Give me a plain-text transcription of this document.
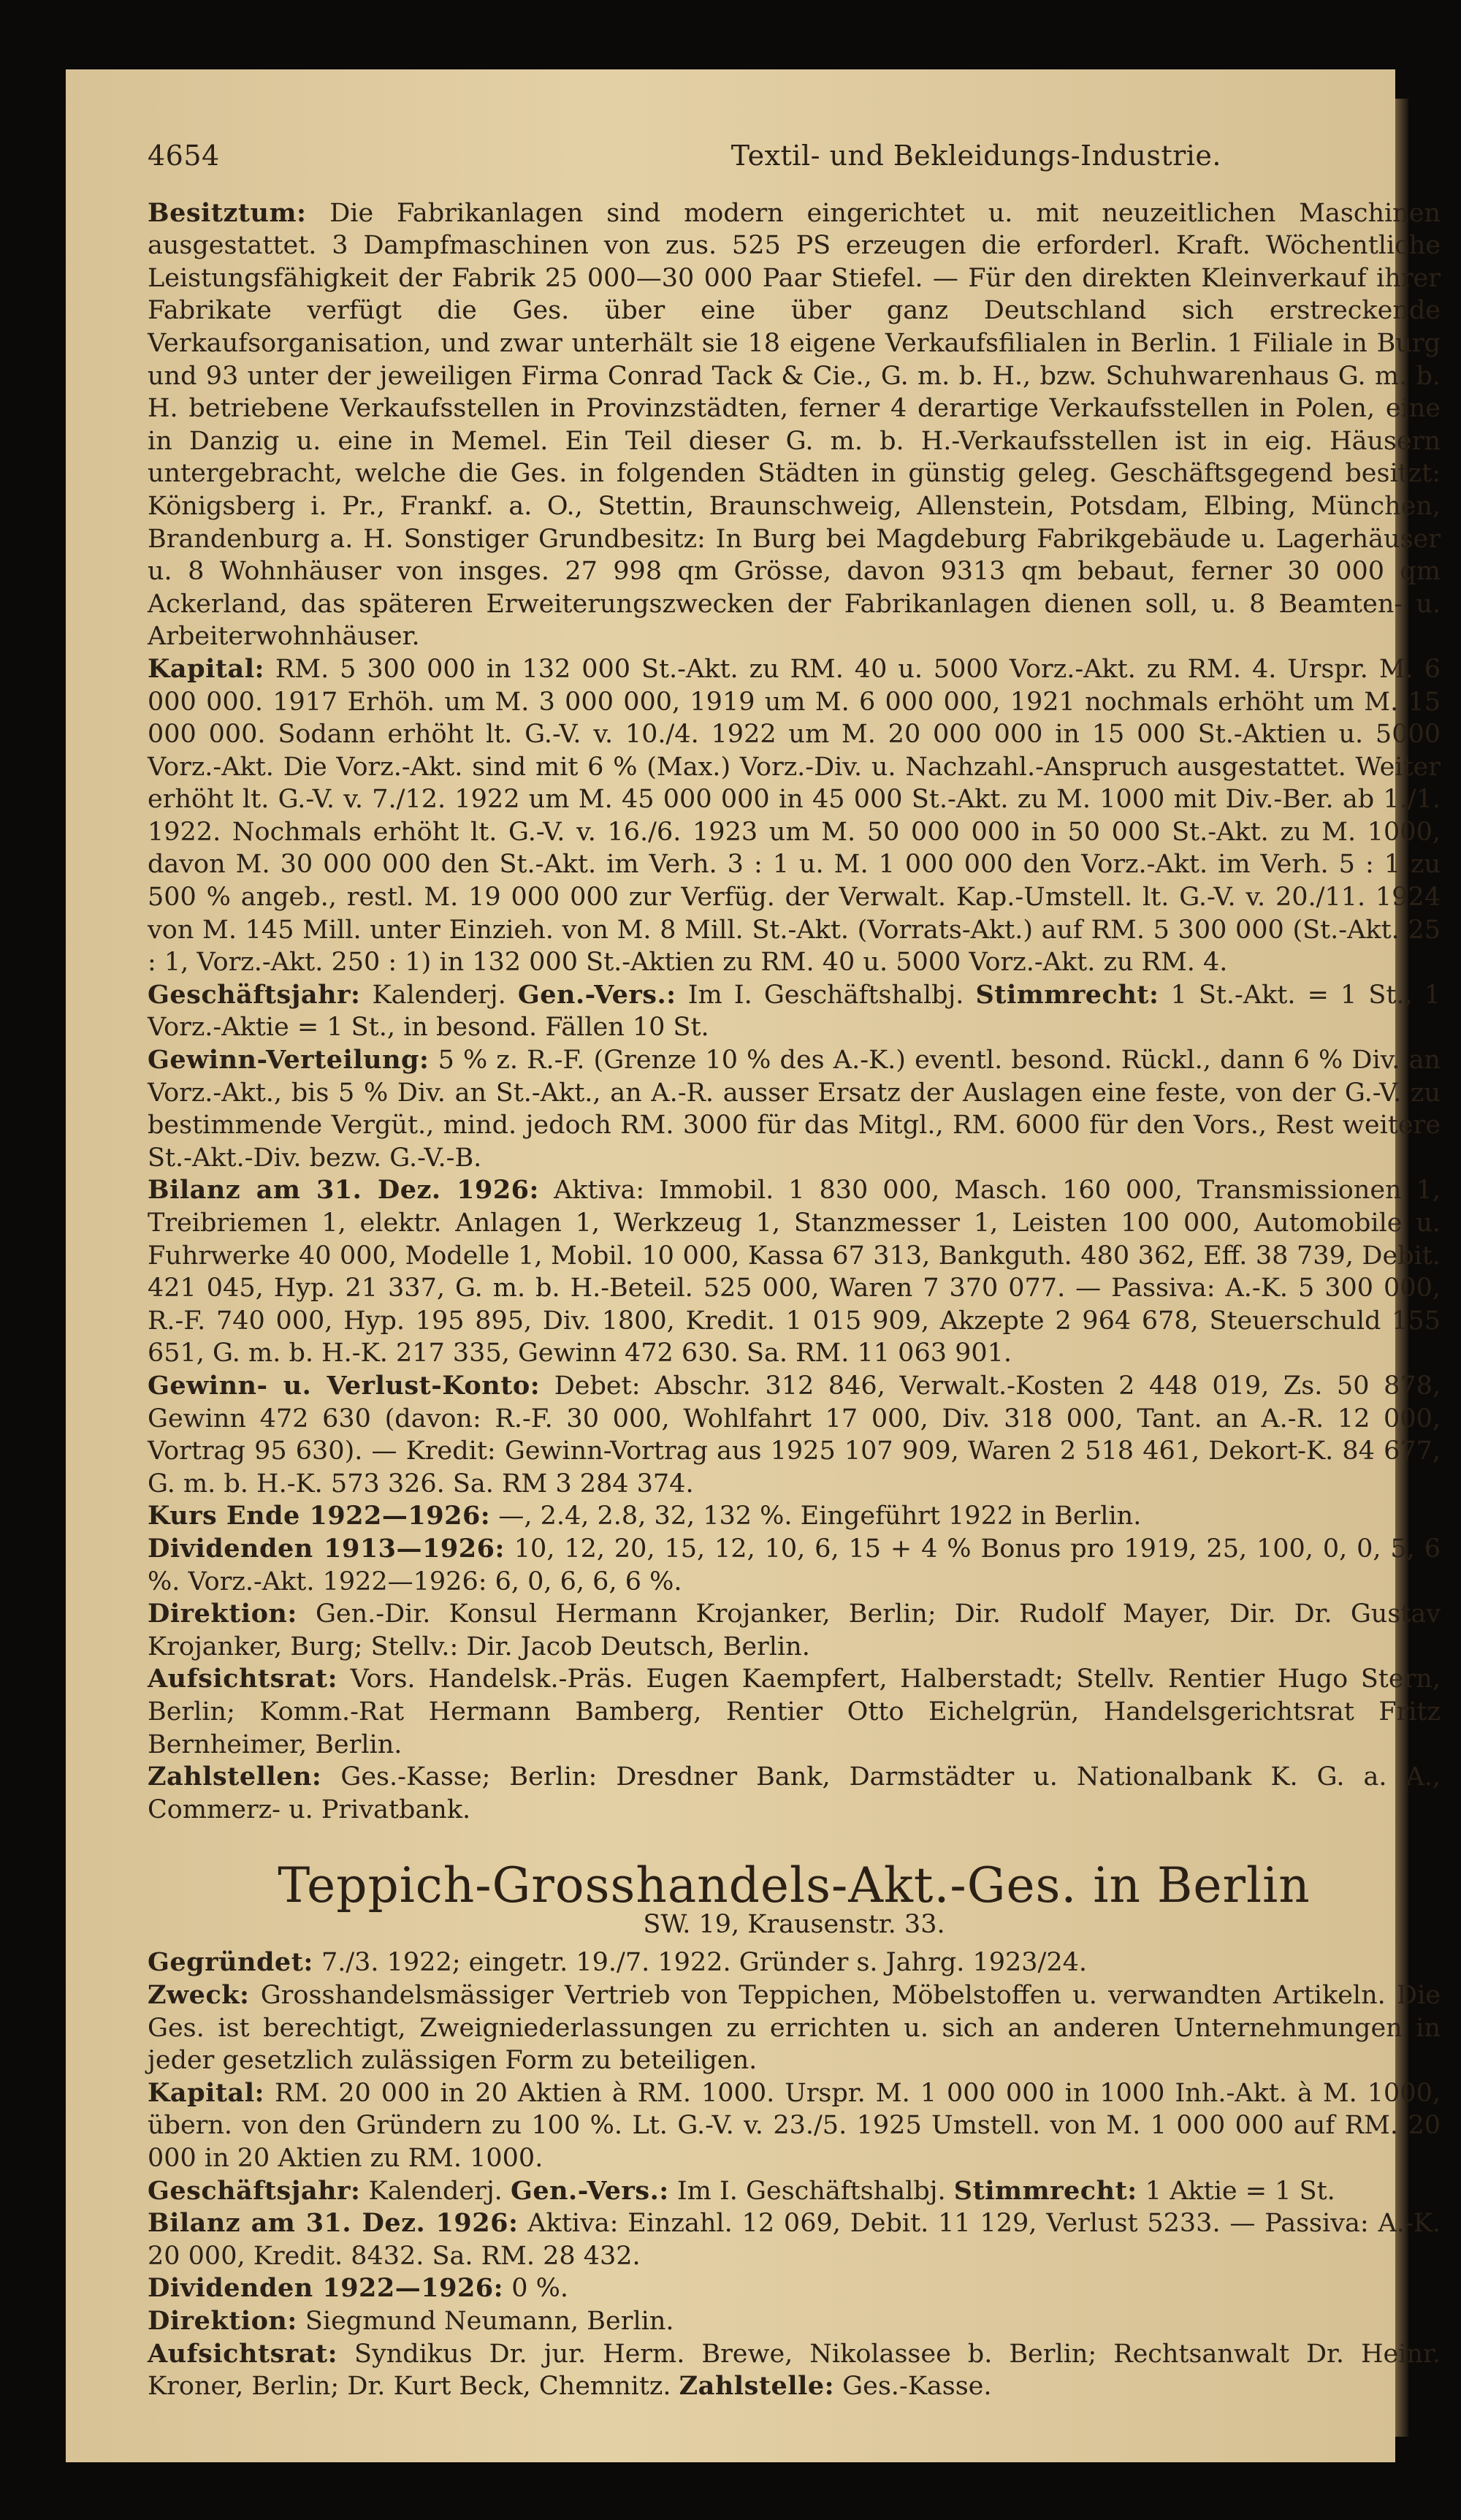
4654	Textil- und Bekleidungs-Industrie.

Besitztum: Die Fabrikanlagen sind modern eingerichtet u. mit neuzeitlichen Maschinen ausgestattet. 3 Dampfmaschinen von zus. 525 PS erzeugen die erforderl. Kraft. Wöchentliche Leistungsfähigkeit der Fabrik 25 000—30 000 Paar Stiefel. — Für den direkten Kleinverkauf ihrer Fabrikate verfügt die Ges. über eine über ganz Deutschland sich erstreckende Verkaufsorganisation, und zwar unterhält sie 18 eigene Verkaufsfilialen in Berlin. 1 Filiale in Burg und 93 unter der jeweiligen Firma Conrad Tack & Cie., G. m. b. H., bzw. Schuhwarenhaus G. m. b. H. betriebene Verkaufsstellen in Provinzstädten, ferner 4 derartige Verkaufsstellen in Polen, eine in Danzig u. eine in Memel. Ein Teil dieser G. m. b. H.-Verkaufsstellen ist in eig. Häusern untergebracht, welche die Ges. in folgenden Städten in günstig geleg. Geschäftsgegend besitzt: Königsberg i. Pr., Frankf. a. O., Stettin, Braunschweig, Allenstein, Potsdam, Elbing, München, Brandenburg a. H. Sonstiger Grundbesitz: In Burg bei Magdeburg Fabrikgebäude u. Lagerhäuser u. 8 Wohnhäuser von insges. 27 998 qm Grösse, davon 9313 qm bebaut, ferner 30 000 qm Ackerland, das späteren Erweiterungszwecken der Fabrikanlagen dienen soll, u. 8 Beamten- u. Arbeiterwohnhäuser.

Kapital: RM. 5 300 000 in 132 000 St.-Akt. zu RM. 40 u. 5000 Vorz.-Akt. zu RM. 4. Urspr. M. 6 000 000. 1917 Erhöh. um M. 3 000 000, 1919 um M. 6 000 000, 1921 nochmals erhöht um M. 15 000 000. Sodann erhöht lt. G.-V. v. 10./4. 1922 um M. 20 000 000 in 15 000 St.-Aktien u. 5000 Vorz.-Akt. Die Vorz.-Akt. sind mit 6 % (Max.) Vorz.-Div. u. Nachzahl.-Anspruch ausgestattet. Weiter erhöht lt. G.-V. v. 7./12. 1922 um M. 45 000 000 in 45 000 St.-Akt. zu M. 1000 mit Div.-Ber. ab 1./1. 1922. Nochmals erhöht lt. G.-V. v. 16./6. 1923 um M. 50 000 000 in 50 000 St.-Akt. zu M. 1000, davon M. 30 000 000 den St.-Akt. im Verh. 3 : 1 u. M. 1 000 000 den Vorz.-Akt. im Verh. 5 : 1 zu 500 % angeb., restl. M. 19 000 000 zur Verfüg. der Verwalt. Kap.-Umstell. lt. G.-V. v. 20./11. 1924 von M. 145 Mill. unter Einzieh. von M. 8 Mill. St.-Akt. (Vorrats-Akt.) auf RM. 5 300 000 (St.-Akt. 25 : 1, Vorz.-Akt. 250 : 1) in 132 000 St.-Aktien zu RM. 40 u. 5000 Vorz.-Akt. zu RM. 4.

Geschäftsjahr: Kalenderj. Gen.-Vers.: Im I. Geschäftshalbj. Stimmrecht: 1 St.-Akt. = 1 St., 1 Vorz.-Aktie = 1 St., in besond. Fällen 10 St.

Gewinn-Verteilung: 5 % z. R.-F. (Grenze 10 % des A.-K.) eventl. besond. Rückl., dann 6 % Div. an Vorz.-Akt., bis 5 % Div. an St.-Akt., an A.-R. ausser Ersatz der Auslagen eine feste, von der G.-V. zu bestimmende Vergüt., mind. jedoch RM. 3000 für das Mitgl., RM. 6000 für den Vors., Rest weitere St.-Akt.-Div. bezw. G.-V.-B.

Bilanz am 31. Dez. 1926: Aktiva: Immobil. 1 830 000, Masch. 160 000, Transmissionen 1, Treibriemen 1, elektr. Anlagen 1, Werkzeug 1, Stanzmesser 1, Leisten 100 000, Automobile u. Fuhrwerke 40 000, Modelle 1, Mobil. 10 000, Kassa 67 313, Bankguth. 480 362, Eff. 38 739, Debit. 421 045, Hyp. 21 337, G. m. b. H.-Beteil. 525 000, Waren 7 370 077. — Passiva: A.-K. 5 300 000, R.-F. 740 000, Hyp. 195 895, Div. 1800, Kredit. 1 015 909, Akzepte 2 964 678, Steuerschuld 155 651, G. m. b. H.-K. 217 335, Gewinn 472 630. Sa. RM. 11 063 901.

Gewinn- u. Verlust-Konto: Debet: Abschr. 312 846, Verwalt.-Kosten 2 448 019, Zs. 50 878, Gewinn 472 630 (davon: R.-F. 30 000, Wohlfahrt 17 000, Div. 318 000, Tant. an A.-R. 12 000, Vortrag 95 630). — Kredit: Gewinn-Vortrag aus 1925 107 909, Waren 2 518 461, Dekort-K. 84 677, G. m. b. H.-K. 573 326. Sa. RM 3 284 374.

Kurs Ende 1922—1926: —, 2.4, 2.8, 32, 132 %. Eingeführt 1922 in Berlin.

Dividenden 1913—1926: 10, 12, 20, 15, 12, 10, 6, 15 + 4 % Bonus pro 1919, 25, 100, 0, 0, 5, 6 %. Vorz.-Akt. 1922—1926: 6, 0, 6, 6, 6 %.

Direktion: Gen.-Dir. Konsul Hermann Krojanker, Berlin; Dir. Rudolf Mayer, Dir. Dr. Gustav Krojanker, Burg; Stellv.: Dir. Jacob Deutsch, Berlin.

Aufsichtsrat: Vors. Handelsk.-Präs. Eugen Kaempfert, Halberstadt; Stellv. Rentier Hugo Stern, Berlin; Komm.-Rat Hermann Bamberg, Rentier Otto Eichelgrün, Handelsgerichtsrat Fritz Bernheimer, Berlin.

Zahlstellen: Ges.-Kasse; Berlin: Dresdner Bank, Darmstädter u. Nationalbank K. G. a. A., Commerz- u. Privatbank.

Teppich-Grosshandels-Akt.-Ges. in Berlin
SW. 19, Krausenstr. 33.

Gegründet: 7./3. 1922; eingetr. 19./7. 1922. Gründer s. Jahrg. 1923/24.

Zweck: Grosshandelsmässiger Vertrieb von Teppichen, Möbelstoffen u. verwandten Artikeln. Die Ges. ist berechtigt, Zweigniederlassungen zu errichten u. sich an anderen Unternehmungen in jeder gesetzlich zulässigen Form zu beteiligen.

Kapital: RM. 20 000 in 20 Aktien à RM. 1000. Urspr. M. 1 000 000 in 1000 Inh.-Akt. à M. 1000, übern. von den Gründern zu 100 %. Lt. G.-V. v. 23./5. 1925 Umstell. von M. 1 000 000 auf RM. 20 000 in 20 Aktien zu RM. 1000.

Geschäftsjahr: Kalenderj. Gen.-Vers.: Im I. Geschäftshalbj. Stimmrecht: 1 Aktie = 1 St.

Bilanz am 31. Dez. 1926: Aktiva: Einzahl. 12 069, Debit. 11 129, Verlust 5233. — Passiva: A.-K. 20 000, Kredit. 8432. Sa. RM. 28 432.

Dividenden 1922—1926: 0 %.

Direktion: Siegmund Neumann, Berlin.

Aufsichtsrat: Syndikus Dr. jur. Herm. Brewe, Nikolassee b. Berlin; Rechtsanwalt Dr. Heinr. Kroner, Berlin; Dr. Kurt Beck, Chemnitz. Zahlstelle: Ges.-Kasse.
